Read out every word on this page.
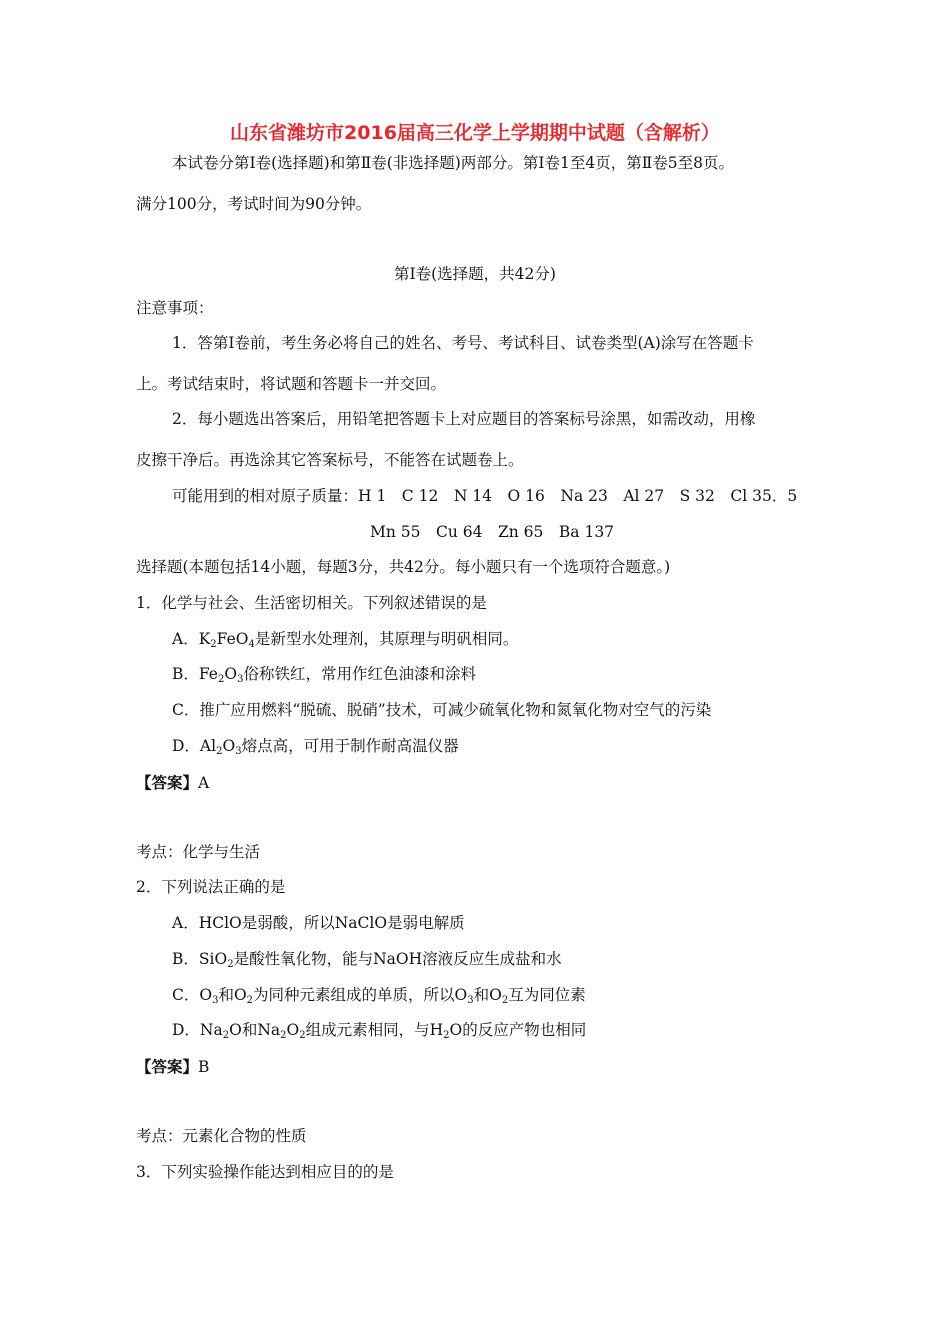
山东省潍坊市2016届高三化学上学期期中试题（含解析）
本试卷分第Ⅰ卷(选择题)和第Ⅱ卷(非选择题)两部分。第Ⅰ卷1至4页，第Ⅱ卷5至8页。
满分100分，考试时间为90分钟。
第Ⅰ卷(选择题，共42分)
注意事项：
1．答第Ⅰ卷前，考生务必将自己的姓名、考号、考试科目、试卷类型(A)涂写在答题卡
上。考试结束时，将试题和答题卡一并交回。
2．每小题选出答案后，用铅笔把答题卡上对应题目的答案标号涂黑，如需改动，用橡
皮擦干净后。再选涂其它答案标号，不能答在试题卷上。
可能用到的相对原子质量：H 1　C 12　N 14　O 16　Na 23　Al 27　S 32　Cl 35．5
Mn 55　Cu 64　Zn 65　Ba 137
选择题(本题包括14小题，每题3分，共42分。每小题只有一个选项符合题意。)
1．化学与社会、生活密切相关。下列叙述错误的是
A．$K_2FeO_4$是新型水处理剂，其原理与明矾相同。
B．$Fe_2O_3$俗称铁红，常用作红色油漆和涂料
C．推广应用燃料“脱硫、脱硝”技术，可减少硫氧化物和氮氧化物对空气的污染
D．$Al_2O_3$熔点高，可用于制作耐高温仪器
【答案】A
考点：化学与生活
2．下列说法正确的是
A．HClO是弱酸，所以NaClO是弱电解质
B．SiO$_2$是酸性氧化物，能与NaOH溶液反应生成盐和水
C．$O_3$和$O_2$为同种元素组成的单质，所以$O_3$和$O_2$互为同位素
D．$Na_2O$和$Na_2O_2$组成元素相同，与$H_2O$的反应产物也相同
【答案】B
考点：元素化合物的性质
3．下列实验操作能达到相应目的的是
